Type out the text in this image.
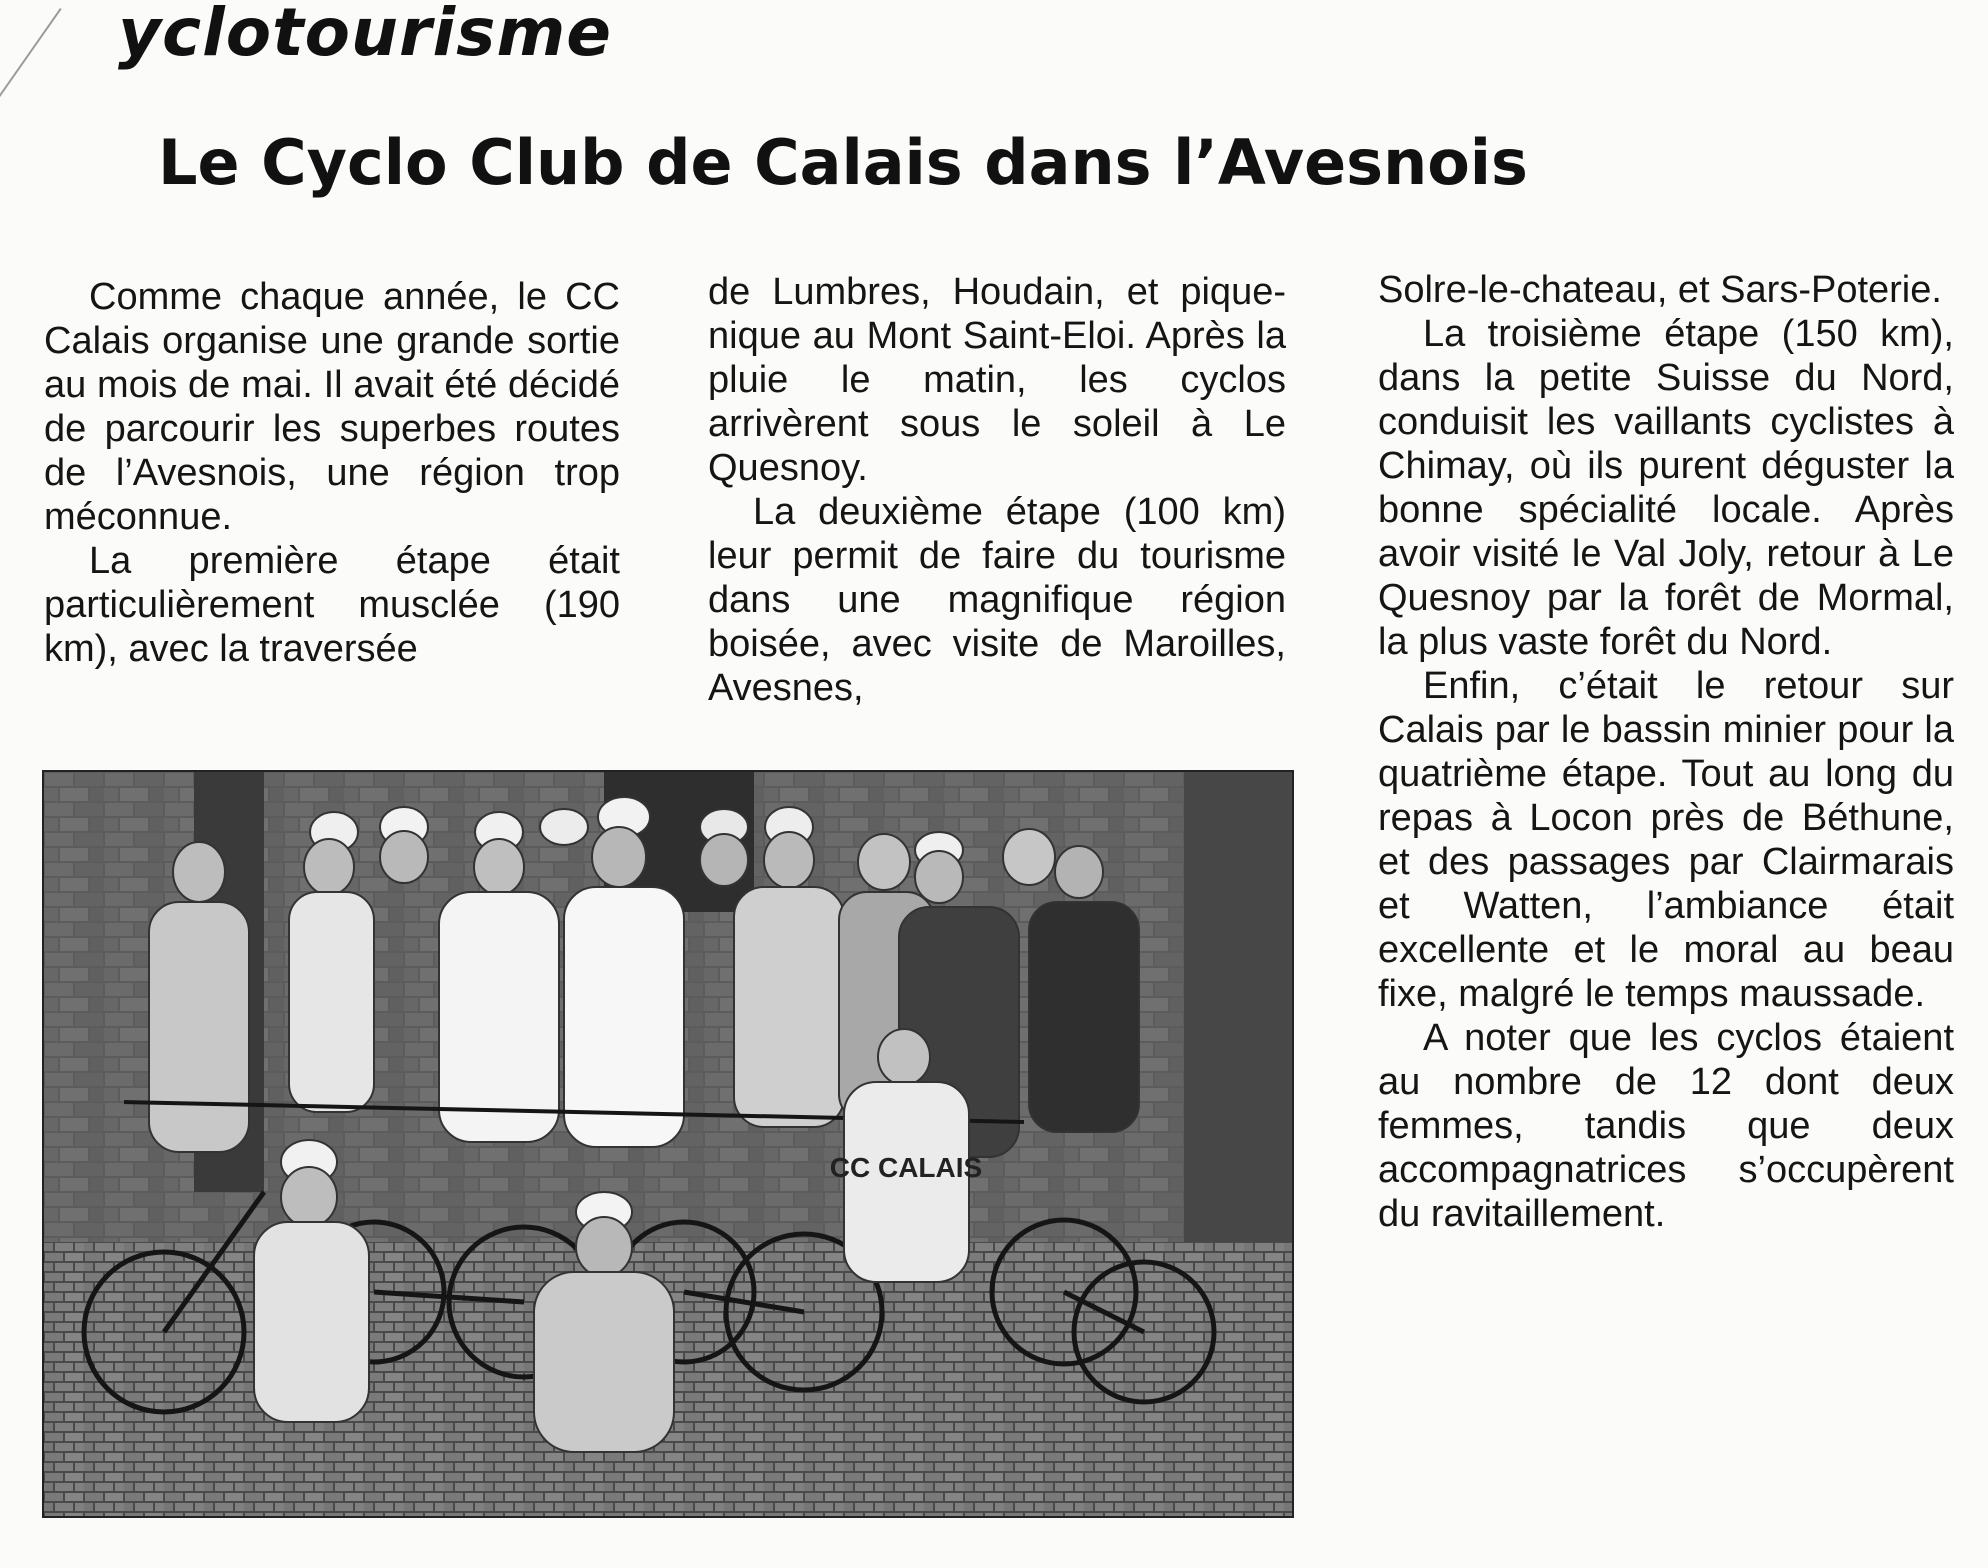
yclotourisme
Le Cyclo Club de Calais dans l’Avesnois

Comme chaque année, le CC Calais organise une grande sortie au mois de mai. Il avait été décidé de parcourir les superbes routes de l’Avesnois, une région trop méconnue.

La première étape était particulièrement musclée (190 km), avec la traversée

de Lumbres, Houdain, et pique-nique au Mont Saint-Eloi. Après la pluie le matin, les cyclos arrivèrent sous le soleil à Le Quesnoy.

La deuxième étape (100 km) leur permit de faire du tourisme dans une magnifique région boisée, avec visite de Maroilles, Avesnes,

Solre-le-chateau, et Sars-Poterie.

La troisième étape (150 km), dans la petite Suisse du Nord, conduisit les vaillants cyclistes à Chimay, où ils purent déguster la bonne spécialité locale. Après avoir visité le Val Joly, retour à Le Quesnoy par la forêt de Mormal, la plus vaste forêt du Nord.

Enfin, c’était le retour sur Calais par le bassin minier pour la quatrième étape. Tout au long du repas à Locon près de Béthune, et des passages par Clairmarais et Watten, l’ambiance était excellente et le moral au beau fixe, malgré le temps maussade.

A noter que les cyclos étaient au nombre de 12 dont deux femmes, tandis que deux accompagnatrices s’occupèrent du ravitaillement.

CC CALAIS
